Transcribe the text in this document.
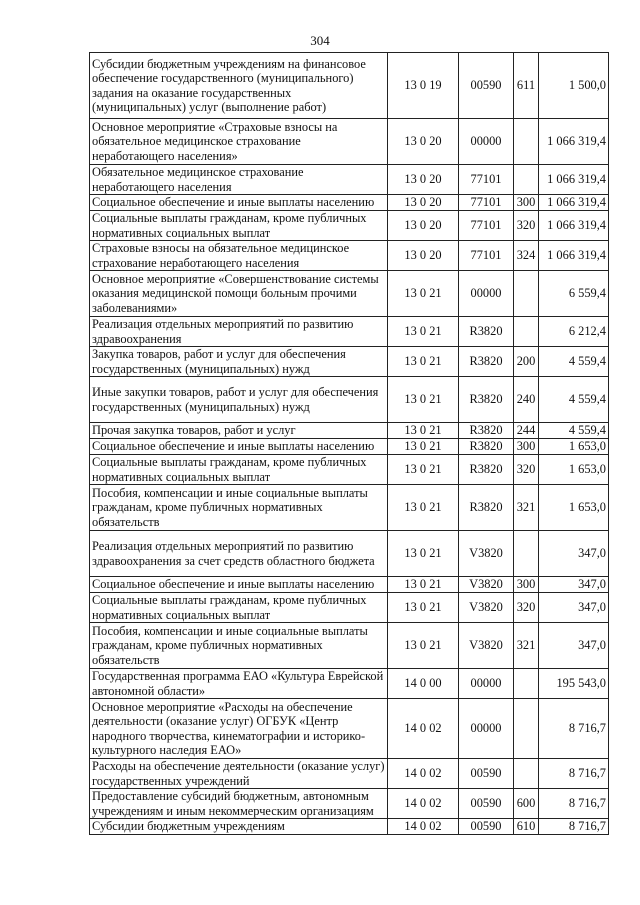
304
Субсидии бюджетным учреждениям на финансовое обеспечение государственного (муниципального) задания на оказание государственных (муниципальных) услуг (выполнение работ)	13 0 19	00590	611	1 500,0
Основное мероприятие «Страховые взносы на обязательное медицинское страхование неработающего населения»	13 0 20	00000		1 066 319,4
Обязательное медицинское страхование неработающего населения	13 0 20	77101		1 066 319,4
Социальное обеспечение и иные выплаты населению	13 0 20	77101	300	1 066 319,4
Социальные выплаты гражданам, кроме публичных нормативных социальных выплат	13 0 20	77101	320	1 066 319,4
Страховые взносы на обязательное медицинское страхование неработающего населения	13 0 20	77101	324	1 066 319,4
Основное мероприятие «Совершенствование системы оказания медицинской помощи больным прочими заболеваниями»	13 0 21	00000		6 559,4
Реализация отдельных мероприятий по развитию здравоохранения	13 0 21	R3820		6 212,4
Закупка товаров, работ и услуг для обеспечения государственных (муниципальных) нужд	13 0 21	R3820	200	4 559,4
Иные закупки товаров, работ и услуг для обеспечения государственных (муниципальных) нужд	13 0 21	R3820	240	4 559,4
Прочая закупка товаров, работ и услуг	13 0 21	R3820	244	4 559,4
Социальное обеспечение и иные выплаты населению	13 0 21	R3820	300	1 653,0
Социальные выплаты гражданам, кроме публичных нормативных социальных выплат	13 0 21	R3820	320	1 653,0
Пособия, компенсации и иные социальные выплаты гражданам, кроме публичных нормативных обязательств	13 0 21	R3820	321	1 653,0
Реализация отдельных мероприятий по развитию здравоохранения за счет средств областного бюджета	13 0 21	V3820		347,0
Социальное обеспечение и иные выплаты населению	13 0 21	V3820	300	347,0
Социальные выплаты гражданам, кроме публичных нормативных социальных выплат	13 0 21	V3820	320	347,0
Пособия, компенсации и иные социальные выплаты гражданам, кроме публичных нормативных обязательств	13 0 21	V3820	321	347,0
Государственная программа ЕАО «Культура Еврейской автономной области»	14 0 00	00000		195 543,0
Основное мероприятие «Расходы на обеспечение деятельности (оказание услуг) ОГБУК «Центр народного творчества, кинематографии и историко-культурного наследия ЕАО»	14 0 02	00000		8 716,7
Расходы на обеспечение деятельности (оказание услуг) государственных учреждений	14 0 02	00590		8 716,7
Предоставление субсидий бюджетным, автономным учреждениям и иным некоммерческим организациям	14 0 02	00590	600	8 716,7
Субсидии бюджетным учреждениям	14 0 02	00590	610	8 716,7
